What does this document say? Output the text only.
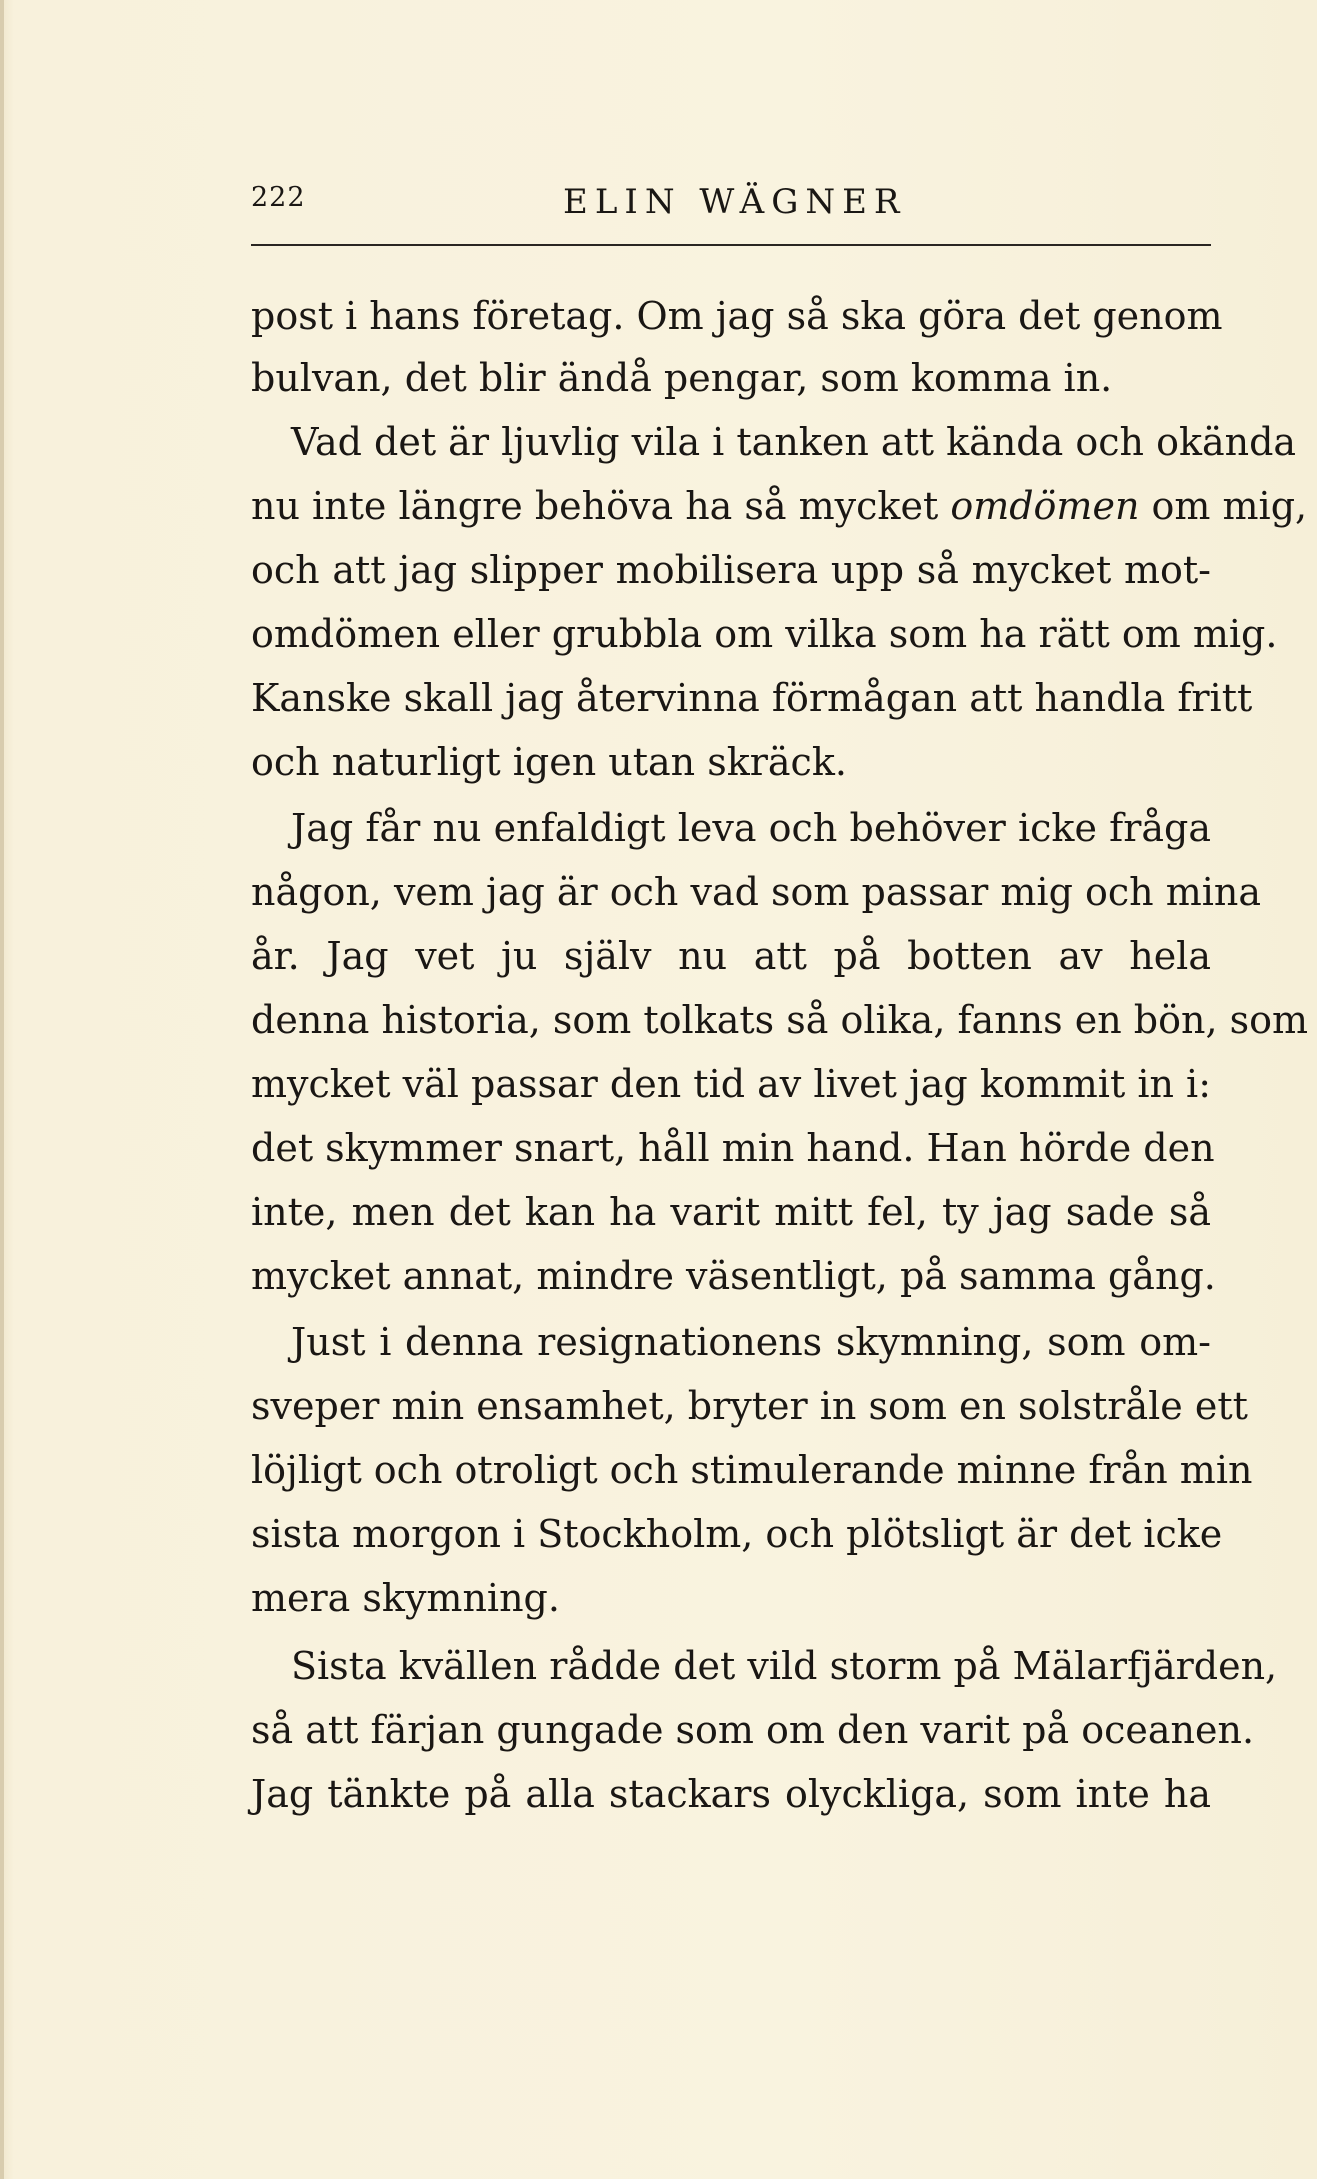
222	ELIN WÄGNER
post i hans företag. Om jag så ska göra det genom
bulvan, det blir ändå pengar, som komma in.
Vad det är ljuvlig vila i tanken att kända och okända
nu inte längre behöva ha så mycket omdömen om mig,
och att jag slipper mobilisera upp så mycket mot-
omdömen eller grubbla om vilka som ha rätt om mig.
Kanske skall jag återvinna förmågan att handla fritt
och naturligt igen utan skräck.
Jag får nu enfaldigt leva och behöver icke fråga
någon, vem jag är och vad som passar mig och mina
år. Jag vet ju själv nu att på botten av hela
denna historia, som tolkats så olika, fanns en bön, som
mycket väl passar den tid av livet jag kommit in i:
det skymmer snart, håll min hand. Han hörde den
inte, men det kan ha varit mitt fel, ty jag sade så
mycket annat, mindre väsentligt, på samma gång.
Just i denna resignationens skymning, som om-
sveper min ensamhet, bryter in som en solstråle ett
löjligt och otroligt och stimulerande minne från min
sista morgon i Stockholm, och plötsligt är det icke
mera skymning.
Sista kvällen rådde det vild storm på Mälarfjärden,
så att färjan gungade som om den varit på oceanen.
Jag tänkte på alla stackars olyckliga, som inte ha
